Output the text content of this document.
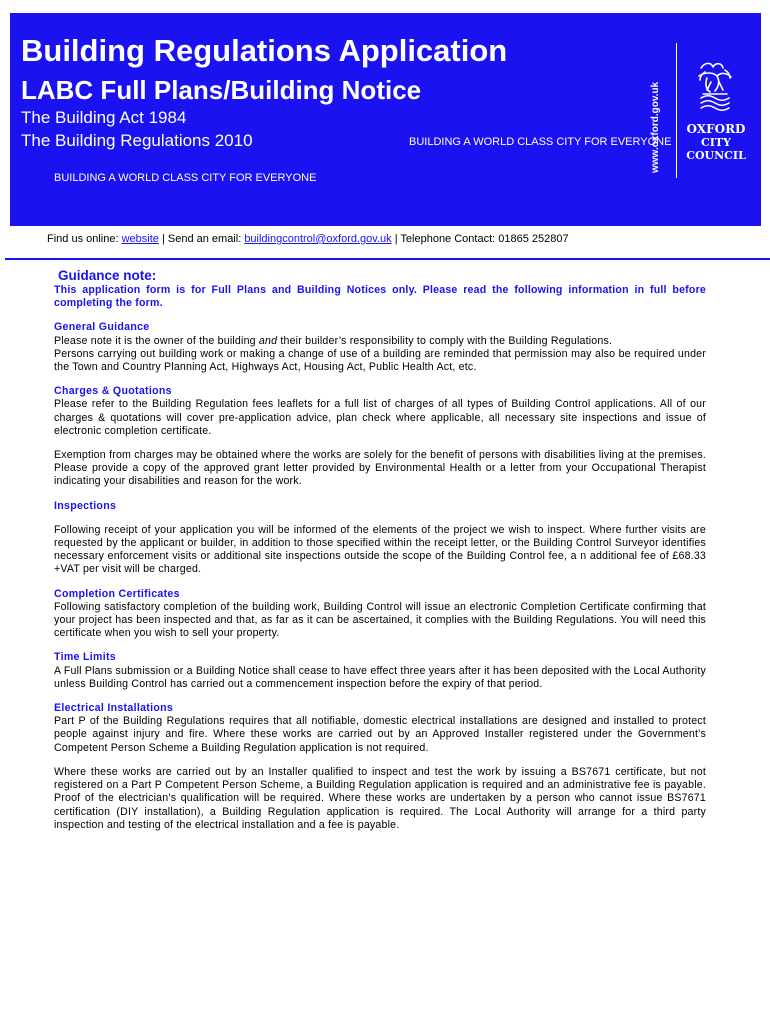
Building Regulations Application
LABC Full Plans/Building Notice
The Building Act 1984
The Building Regulations 2010	BUILDING A WORLD CLASS CITY FOR EVERYONE
BUILDING A WORLD CLASS CITY FOR EVERYONE
www.oxford.gov.uk	OXFORD
CITY
COUNCIL
Find us online: website | Send an email: buildingcontrol@oxford.gov.uk | Telephone Contact: 01865 252807
Guidance note:

This application form is for Full Plans and Building Notices only. Please read the following information in full before completing the form.

General Guidance

Please note it is the owner of the building and their builder’s responsibility to comply with the Building Regulations.

Persons carrying out building work or making a change of use of a building are reminded that permission may also be required under the Town and Country Planning Act, Highways Act, Housing Act, Public Health Act, etc.

Charges & Quotations

Please refer to the Building Regulation fees leaflets for a full list of charges of all types of Building Control applications. All of our charges & quotations will cover pre-application advice, plan check where applicable, all necessary site inspections and issue of electronic completion certificate.

Exemption from charges may be obtained where the works are solely for the benefit of persons with disabilities living at the premises. Please provide a copy of the approved grant letter provided by Environmental Health or a letter from your Occupational Therapist indicating your disabilities and reason for the work.

Inspections

Following receipt of your application you will be informed of the elements of the project we wish to inspect. Where further visits are requested by the applicant or builder, in addition to those specified within the receipt letter, or the Building Control Surveyor identifies necessary enforcement visits or additional site inspections outside the scope of the Building Control fee, a n additional fee of £68.33 +VAT per visit will be charged.

Completion Certificates

Following satisfactory completion of the building work, Building Control will issue an electronic Completion Certificate confirming that your project has been inspected and that, as far as it can be ascertained, it complies with the Building Regulations. You will need this certificate when you wish to sell your property.

Time Limits

A Full Plans submission or a Building Notice shall cease to have effect three years after it has been deposited with the Local Authority unless Building Control has carried out a commencement inspection before the expiry of that period.

Electrical Installations

Part P of the Building Regulations requires that all notifiable, domestic electrical installations are designed and installed to protect people against injury and fire. Where these works are carried out by an Approved Installer registered under the Government’s Competent Person Scheme a Building Regulation application is not required.

Where these works are carried out by an Installer qualified to inspect and test the work by issuing a BS7671 certificate, but not registered on a Part P Competent Person Scheme, a Building Regulation application is required and an administrative fee is payable. Proof of the electrician’s qualification will be required. Where these works are undertaken by a person who cannot issue BS7671 certification (DIY installation), a Building Regulation application is required. The Local Authority will arrange for a third party inspection and testing of the electrical installation and a fee is payable.
